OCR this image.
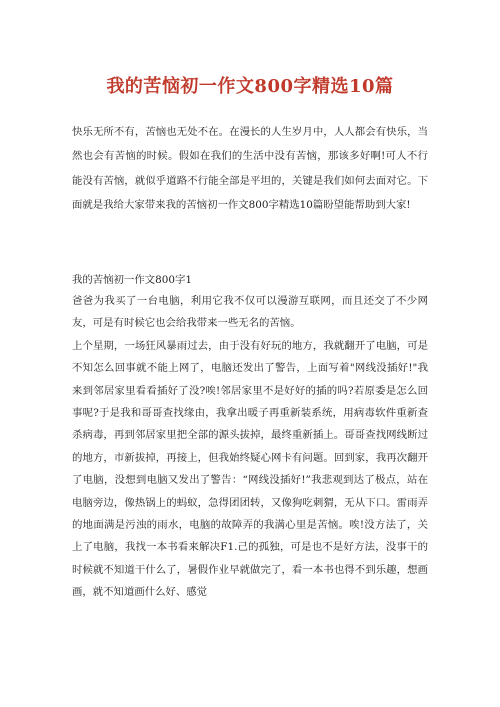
我的苦恼初一作文800字精选10篇
快乐无所不有，苦恼也无处不在。在漫长的人生岁月中，人人都会有快乐，当然也会有苦恼的时候。假如在我们的生活中没有苦恼，那该多好啊!可人不行能没有苦恼，就似乎道路不行能全部是平坦的，关键是我们如何去面对它。下面就是我给大家带来我的苦恼初一作文800字精选10篇盼望能帮助到大家!
我的苦恼初一作文800字1

爸爸为我买了一台电脑，利用它我不仅可以漫游互联网，而且还交了不少网友，可是有时候它也会给我带来一些无名的苦恼。

上个星期，一场狂风暴雨过去，由于没有好玩的地方，我就翻开了电脑，可是不知怎么回事就不能上网了，电脑还发出了警告，上面写着"网线没插好!"我来到邻居家里看看插好了没?唉!邻居家里不是好好的插的吗?若原委是怎么回事呢?于是我和哥哥查找缘由，我拿出暖子再重新装系统，用病毒软件重新查杀病毒，再到邻居家里把全部的源头拔掉，最终重新插上。哥哥查找网线断过的地方，市新拔掉，再接上，但我始终疑心网卡有问题。回到家，我再次翻开了电脑，没想到电脑又发出了警告：“网线没插好!”我悲观到达了极点，站在电脑旁边，像热锅上的蚂蚁，急得团团转，又像狗吃刺猬，无从下口。雷雨弄的地面满是污浊的雨水，电脑的故障弄的我满心里是苦恼。唉!没方法了，关上了电脑，我找一本书看来解决F1.己的孤独，可是也不是好方法，没事干的时候就不知道干什么了，暑假作业早就做完了，看一本书也得不到乐趣，想画画，就不知道画什么好、感觉
